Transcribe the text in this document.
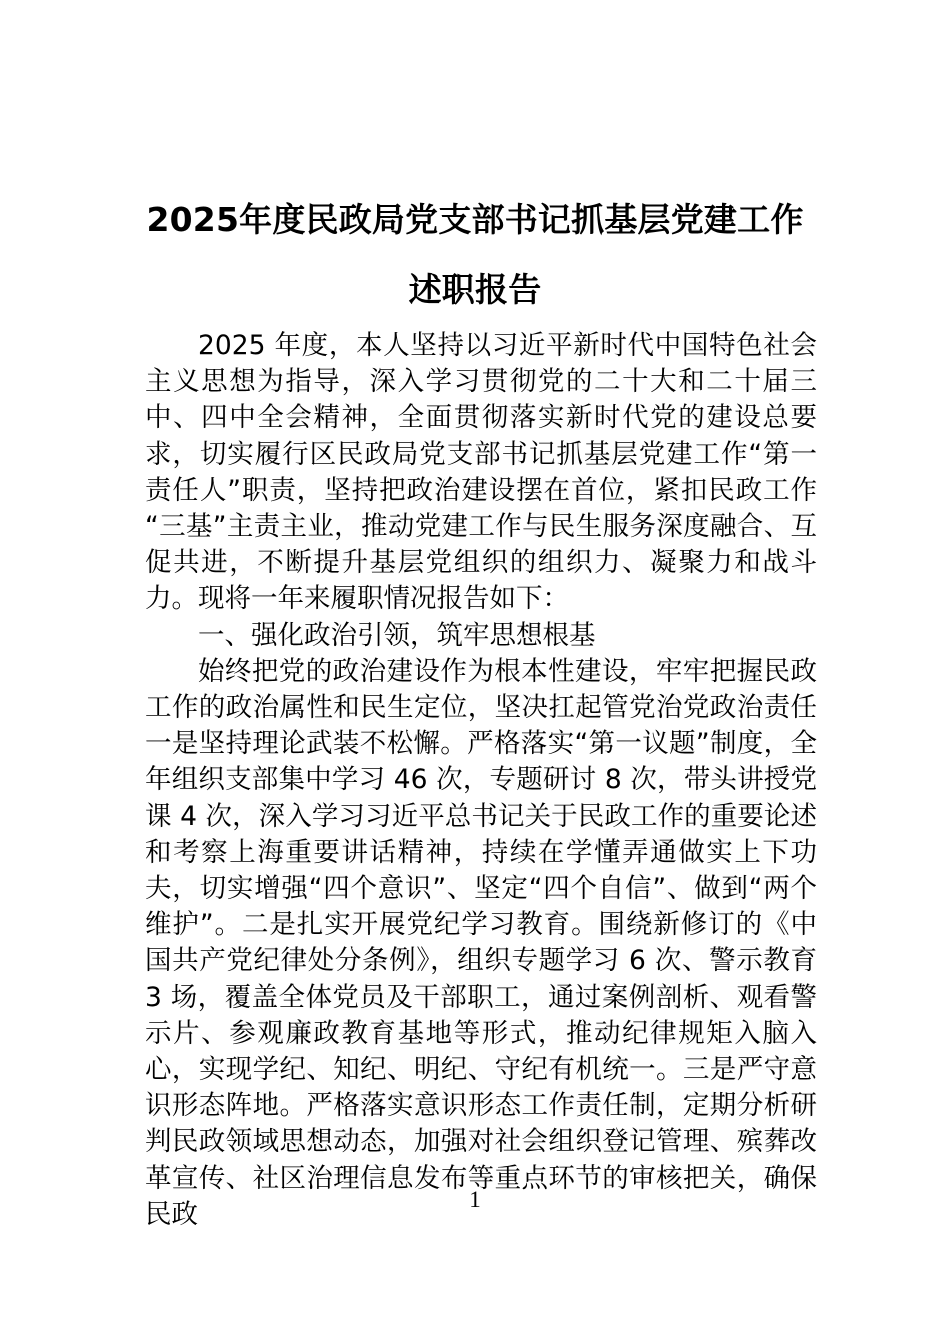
2025年度民政局党支部书记抓基层党建工作述职报告

2025 年度，本人坚持以习近平新时代中国特色社会主义思想为指导，深入学习贯彻党的二十大和二十届三中、四中全会精神，全面贯彻落实新时代党的建设总要求，切实履行区民政局党支部书记抓基层党建工作“第一责任人”职责，坚持把政治建设摆在首位，紧扣民政工作“三基”主责主业，推动党建工作与民生服务深度融合、互促共进，不断提升基层党组织的组织力、凝聚力和战斗力。现将一年来履职情况报告如下：

一、强化政治引领，筑牢思想根基

始终把党的政治建设作为根本性建设，牢牢把握民政工作的政治属性和民生定位，坚决扛起管党治党政治责任一是坚持理论武装不松懈。严格落实“第一议题”制度，全年组织支部集中学习 46 次，专题研讨 8 次，带头讲授党课 4 次，深入学习习近平总书记关于民政工作的重要论述和考察上海重要讲话精神，持续在学懂弄通做实上下功夫，切实增强“四个意识”、坚定“四个自信”、做到“两个维护”。二是扎实开展党纪学习教育。围绕新修订的《中国共产党纪律处分条例》，组织专题学习 6 次、警示教育 3 场，覆盖全体党员及干部职工，通过案例剖析、观看警示片、参观廉政教育基地等形式，推动纪律规矩入脑入心，实现学纪、知纪、明纪、守纪有机统一。三是严守意识形态阵地。严格落实意识形态工作责任制，定期分析研判民政领域思想动态，加强对社会组织登记管理、殡葬改革宣传、社区治理信息发布等重点环节的审核把关，确保民政	1
